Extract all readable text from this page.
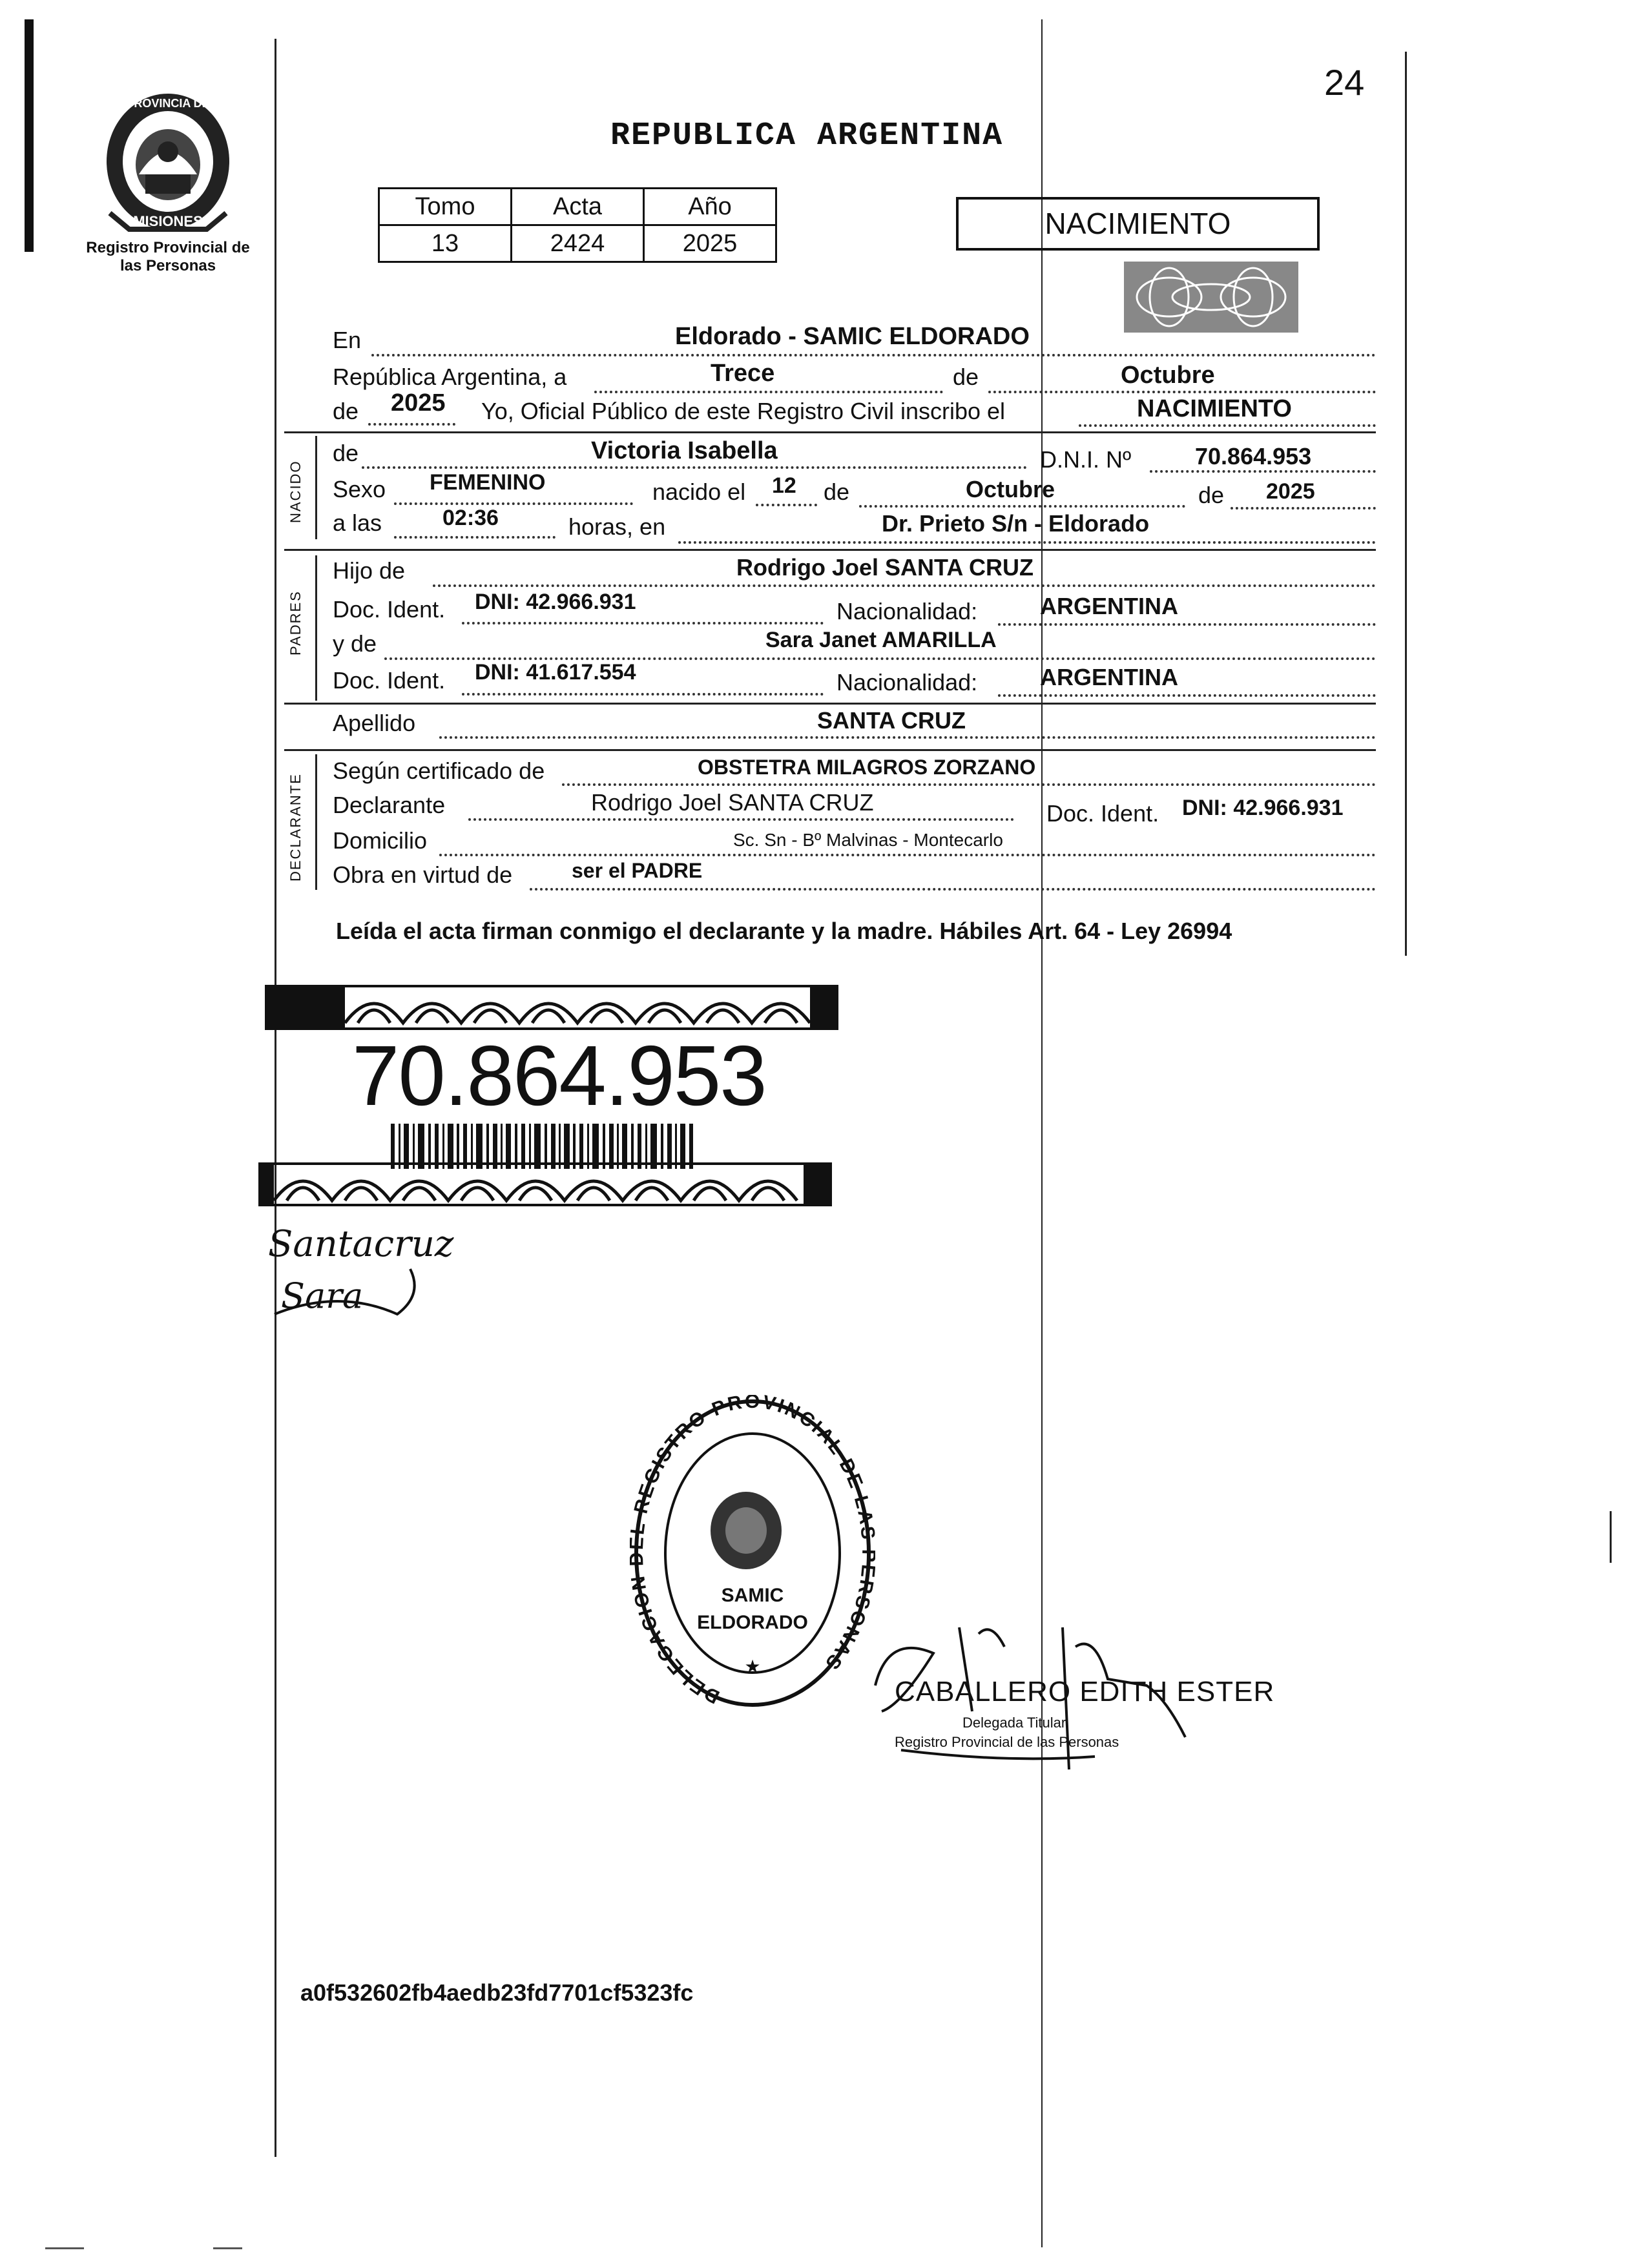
24
PROVINCIA DE
MISIONES
Registro Provincial de las Personas
REPUBLICA ARGENTINA
Tomo	Acta	Año
13	2424	2025
NACIMIENTO
En	Eldorado - SAMIC ELDORADO
República Argentina, a	Trece	de	Octubre
de 2025 Yo, Oficial Público de este Registro Civil inscribo el	NACIMIENTO
NACIDO
de	Victoria Isabella	D.N.I. Nº	70.864.953
Sexo FEMENINO	nacido el 12 de	Octubre	de 2025
a las	02:36	horas, en	Dr. Prieto S/n - Eldorado
PADRES
Hijo de	Rodrigo Joel SANTA CRUZ
Doc. Ident. DNI: 42.966.931	Nacionalidad:	ARGENTINA
y de	Sara Janet AMARILLA
Doc. Ident. DNI: 41.617.554	Nacionalidad:	ARGENTINA
Apellido	SANTA CRUZ
DECLARANTE
Según certificado de	OBSTETRA MILAGROS ZORZANO
Declarante	Rodrigo Joel SANTA CRUZ	Doc. Ident. DNI: 42.966.931
Domicilio	Sc. Sn - Bº Malvinas - Montecarlo
Obra en virtud de	ser el PADRE
Leída el acta firman conmigo el declarante y la madre. Hábiles Art. 64 - Ley 26994
70.864.953
Santacruz
Sara
DELEGACIO REGISTRO PROVINCIAL DE LA RSONAS
SAMIC
ELDORADO
★
CABALLERO EDITH ESTER
Delegada Titular
Registro Provincial de las Personas
a0f532602fb4aedb23fd7701cf5323fc
